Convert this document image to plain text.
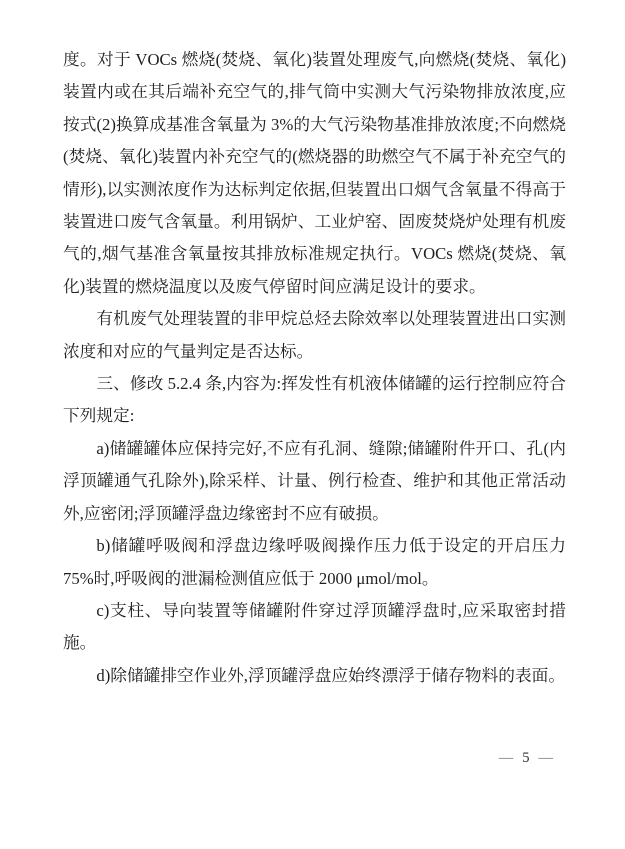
度。对于 VOCs 燃烧(焚烧、氧化)装置处理废气,向燃烧(焚烧、氧化)装置内或在其后端补充空气的,排气筒中实测大气污染物排放浓度,应按式(2)换算成基准含氧量为 3%的大气污染物基准排放浓度;不向燃烧(焚烧、氧化)装置内补充空气的(燃烧器的助燃空气不属于补充空气的情形),以实测浓度作为达标判定依据,但装置出口烟气含氧量不得高于装置进口废气含氧量。利用锅炉、工业炉窑、固废焚烧炉处理有机废气的,烟气基准含氧量按其排放标准规定执行。VOCs 燃烧(焚烧、氧化)装置的燃烧温度以及废气停留时间应满足设计的要求。

有机废气处理装置的非甲烷总烃去除效率以处理装置进出口实测浓度和对应的气量判定是否达标。

三、修改 5.2.4 条,内容为:挥发性有机液体储罐的运行控制应符合下列规定:

a)储罐罐体应保持完好,不应有孔洞、缝隙;储罐附件开口、孔(内浮顶罐通气孔除外),除采样、计量、例行检查、维护和其他正常活动外,应密闭;浮顶罐浮盘边缘密封不应有破损。

b)储罐呼吸阀和浮盘边缘呼吸阀操作压力低于设定的开启压力 75%时,呼吸阀的泄漏检测值应低于 2000 μmol/mol。

c)支柱、导向装置等储罐附件穿过浮顶罐浮盘时,应采取密封措施。

d)除储罐排空作业外,浮顶罐浮盘应始终漂浮于储存物料的表面。

— 5 —
